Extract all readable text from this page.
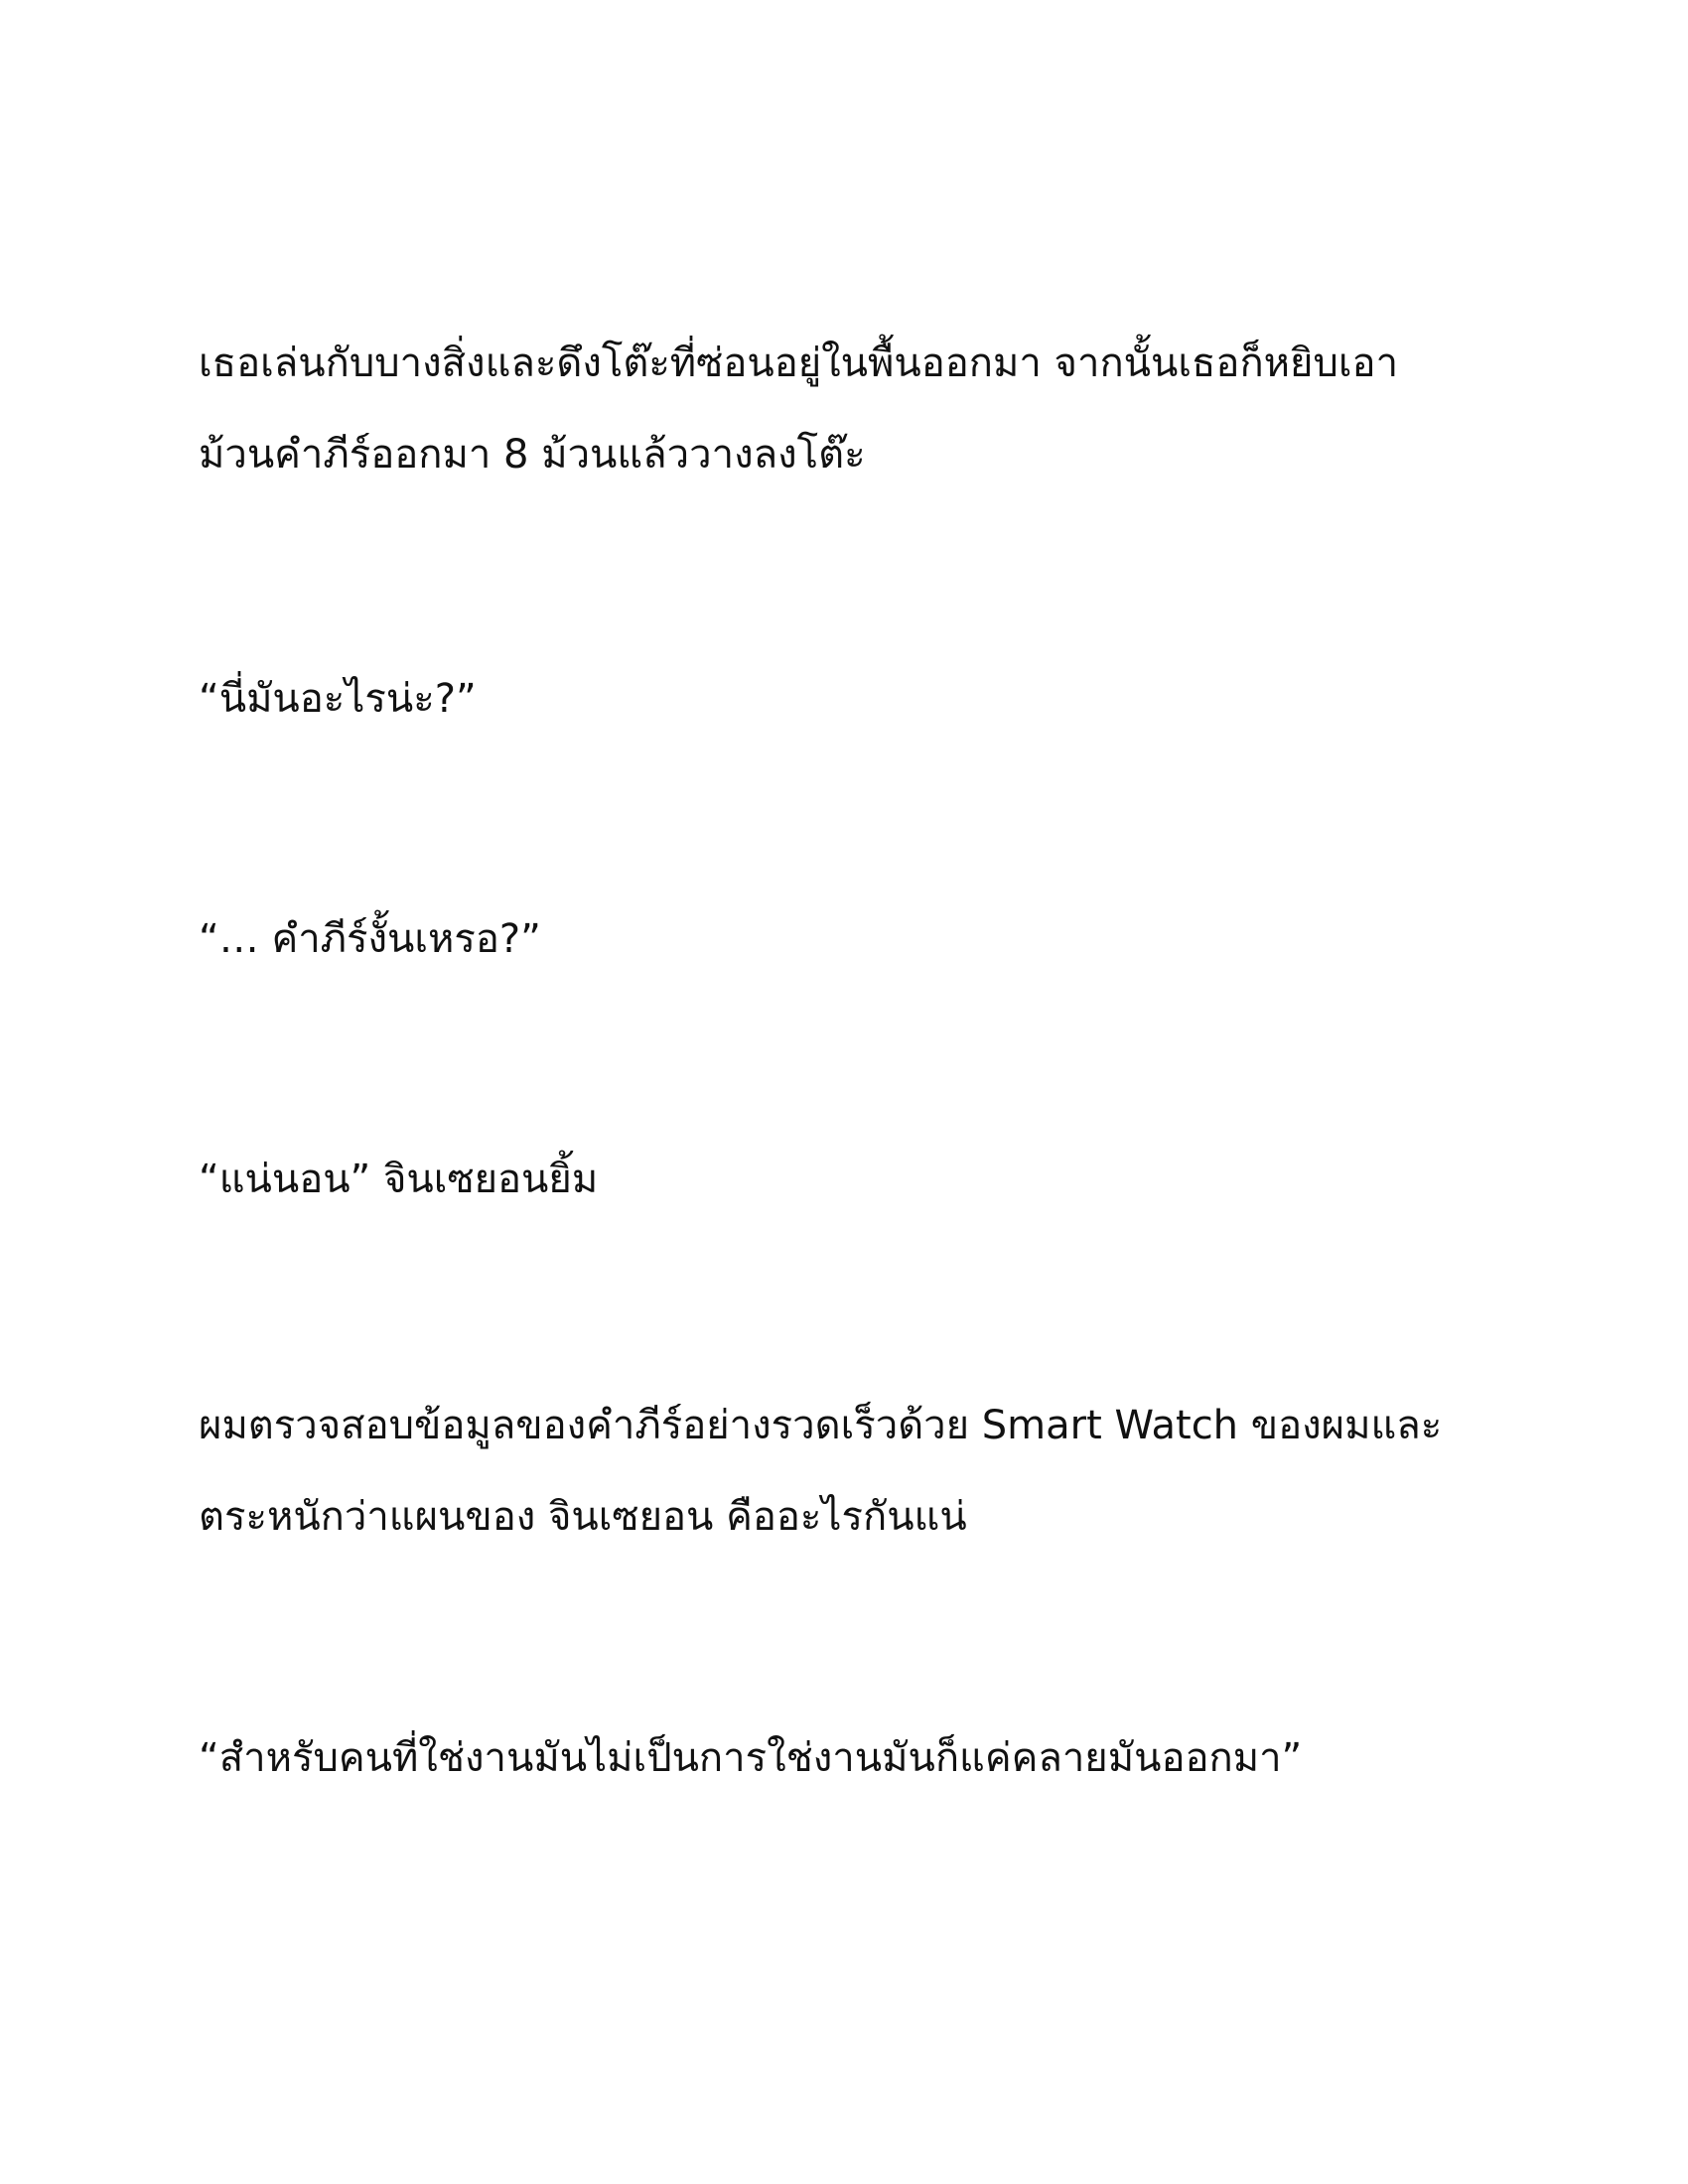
เธอเล่นกับบางสิ่งและดึงโต๊ะที่ซ่อนอยู่ในพื้นออกมา จากนั้นเธอก็หยิบเอา
ม้วนคำภีร์ออกมา 8 ม้วนแล้ววางลงโต๊ะ

“นี่มันอะไรน่ะ?”

“… คำภีร์งั้นเหรอ?”

“แน่นอน” จินเซยอนยิ้ม

ผมตรวจสอบข้อมูลของคำภีร์อย่างรวดเร็วด้วย Smart Watch ของผมและ
ตระหนักว่าแผนของ จินเซยอน คืออะไรกันแน่

“สำหรับคนที่ใช่งานมันไม่เป็นการใช่งานมันก็แค่คลายมันออกมา”
